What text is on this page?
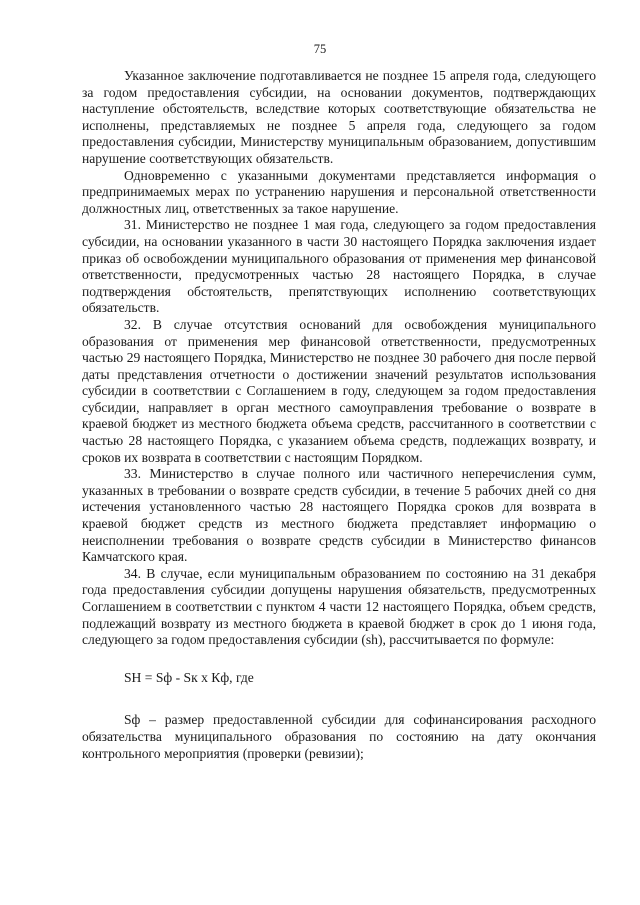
75

Указанное заключение подготавливается не позднее 15 апреля года, следующего за годом предоставления субсидии, на основании документов, подтверждающих наступление обстоятельств, вследствие которых соответствующие обязательства не исполнены, представляемых не позднее 5 апреля года, следующего за годом предоставления субсидии, Министерству муниципальным образованием, допустившим нарушение соответствующих обязательств.

Одновременно с указанными документами представляется информация о предпринимаемых мерах по устранению нарушения и персональной ответственности должностных лиц, ответственных за такое нарушение.

31. Министерство не позднее 1 мая года, следующего за годом предоставления субсидии, на основании указанного в части 30 настоящего Порядка заключения издает приказ об освобождении муниципального образования от применения мер финансовой ответственности, предусмотренных частью 28 настоящего Порядка, в случае подтверждения обстоятельств, препятствующих исполнению соответствующих обязательств.

32. В случае отсутствия оснований для освобождения муниципального образования от применения мер финансовой ответственности, предусмотренных частью 29 настоящего Порядка, Министерство не позднее 30 рабочего дня после первой даты представления отчетности о достижении значений результатов использования субсидии в соответствии с Соглашением в году, следующем за годом предоставления субсидии, направляет в орган местного самоуправления требование о возврате в краевой бюджет из местного бюджета объема средств, рассчитанного в соответствии с частью 28 настоящего Порядка, с указанием объема средств, подлежащих возврату, и сроков их возврата в соответствии с настоящим Порядком.

33. Министерство в случае полного или частичного неперечисления сумм, указанных в требовании о возврате средств субсидии, в течение 5 рабочих дней со дня истечения установленного частью 28 настоящего Порядка сроков для возврата в краевой бюджет средств из местного бюджета представляет информацию о неисполнении требования о возврате средств субсидии в Министерство финансов Камчатского края.

34. В случае, если муниципальным образованием по состоянию на 31 декабря года предоставления субсидии допущены нарушения обязательств, предусмотренных Соглашением в соответствии с пунктом 4 части 12 настоящего Порядка, объем средств, подлежащий возврату из местного бюджета в краевой бюджет в срок до 1 июня года, следующего за годом предоставления субсидии (sh), рассчитывается по формуле:

SН = Sф - Sк х Кф, где

Sф – размер предоставленной субсидии для софинансирования расходного обязательства муниципального образования по состоянию на дату окончания контрольного мероприятия (проверки (ревизии);
